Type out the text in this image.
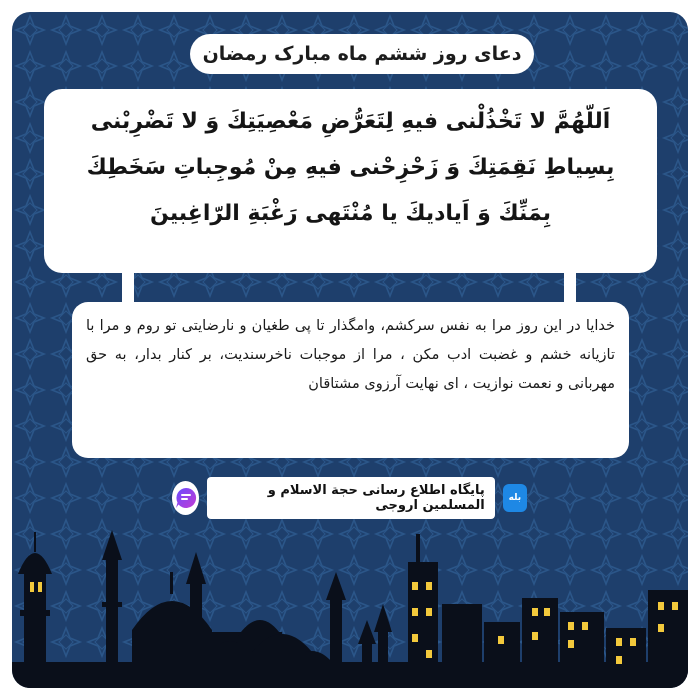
دعای روز ششم ماه مبارک رمضان
اَللّهُمَّ لا تَخْذُلْنى فيهِ لِتَعَرُّضِ مَعْصِيَتِكَ وَ لا تَضْرِبْنى بِسِياطِ نَقِمَتِكَ وَ زَحْزِحْنى فيهِ مِنْ مُوجِباتِ سَخَطِكَ بِمَنِّكَ وَ اَياديكَ يا مُنْتَهى رَغْبَةِ الرّاغِبينَ
خدایا در این روز مرا به نفس سرکشم، وامگذار تا پی طغیان و نارضایتی تو روم و مرا با تازیانه خشم و غضبت ادب مکن ، مرا از موجبات ناخرسندیت، بر کنار بدار، به حق مهربانی و نعمت نوازیت ، ای نهایت آرزوی مشتاقان
پایگاه اطلاع رسانی حجة الاسلام و المسلمین اروجی	بله
